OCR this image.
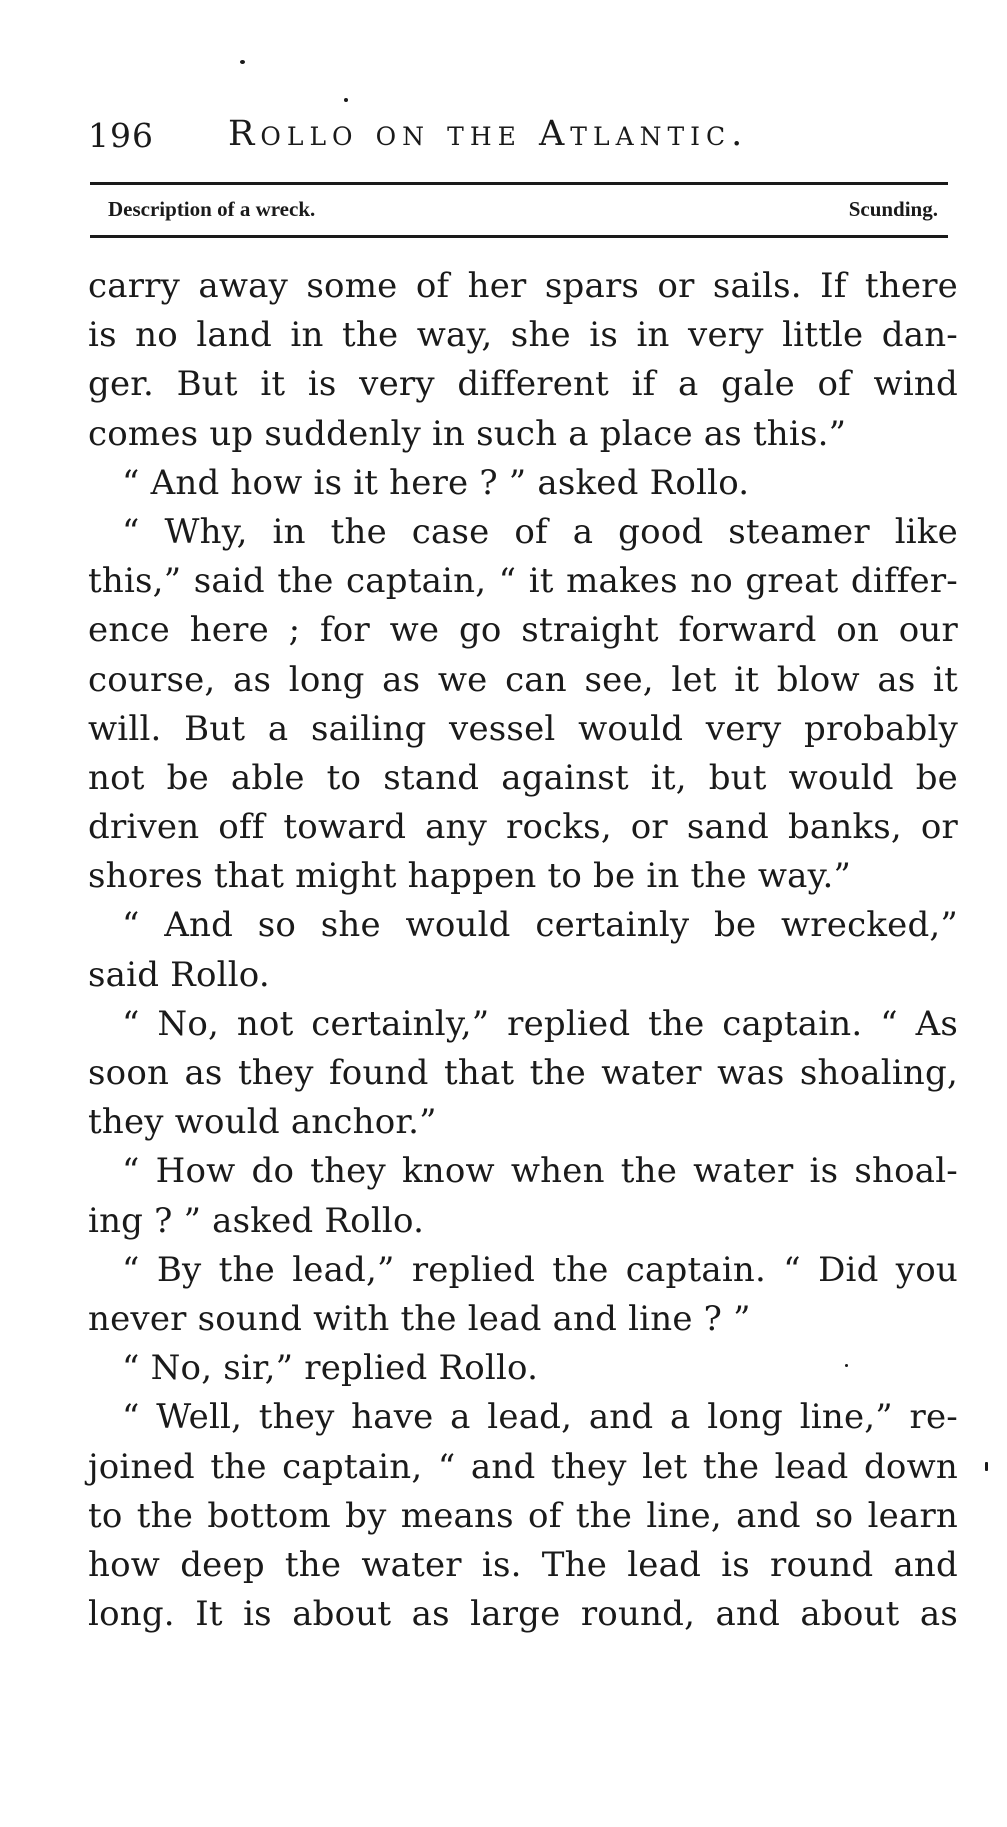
196 Rollo on the Atlantic.
Description of a wreck.	Scunding.
carry away some of her spars or sails. If there
is no land in the way, she is in very little dan-
ger. But it is very different if a gale of wind
comes up suddenly in such a place as this.”
“ And how is it here ? ” asked Rollo.
“ Why, in the case of a good steamer like
this,” said the captain, “ it makes no great differ-
ence here ; for we go straight forward on our
course, as long as we can see, let it blow as it
will. But a sailing vessel would very probably
not be able to stand against it, but would be
driven off toward any rocks, or sand banks, or
shores that might happen to be in the way.”
“ And so she would certainly be wrecked,”
said Rollo.
“ No, not certainly,” replied the captain. “ As
soon as they found that the water was shoaling,
they would anchor.”
“ How do they know when the water is shoal-
ing ? ” asked Rollo.
“ By the lead,” replied the captain. “ Did you
never sound with the lead and line ? ”
“ No, sir,” replied Rollo.
“ Well, they have a lead, and a long line,” re-
joined the captain, “ and they let the lead down
to the bottom by means of the line, and so learn
how deep the water is. The lead is round and
long. It is about as large round, and about as
